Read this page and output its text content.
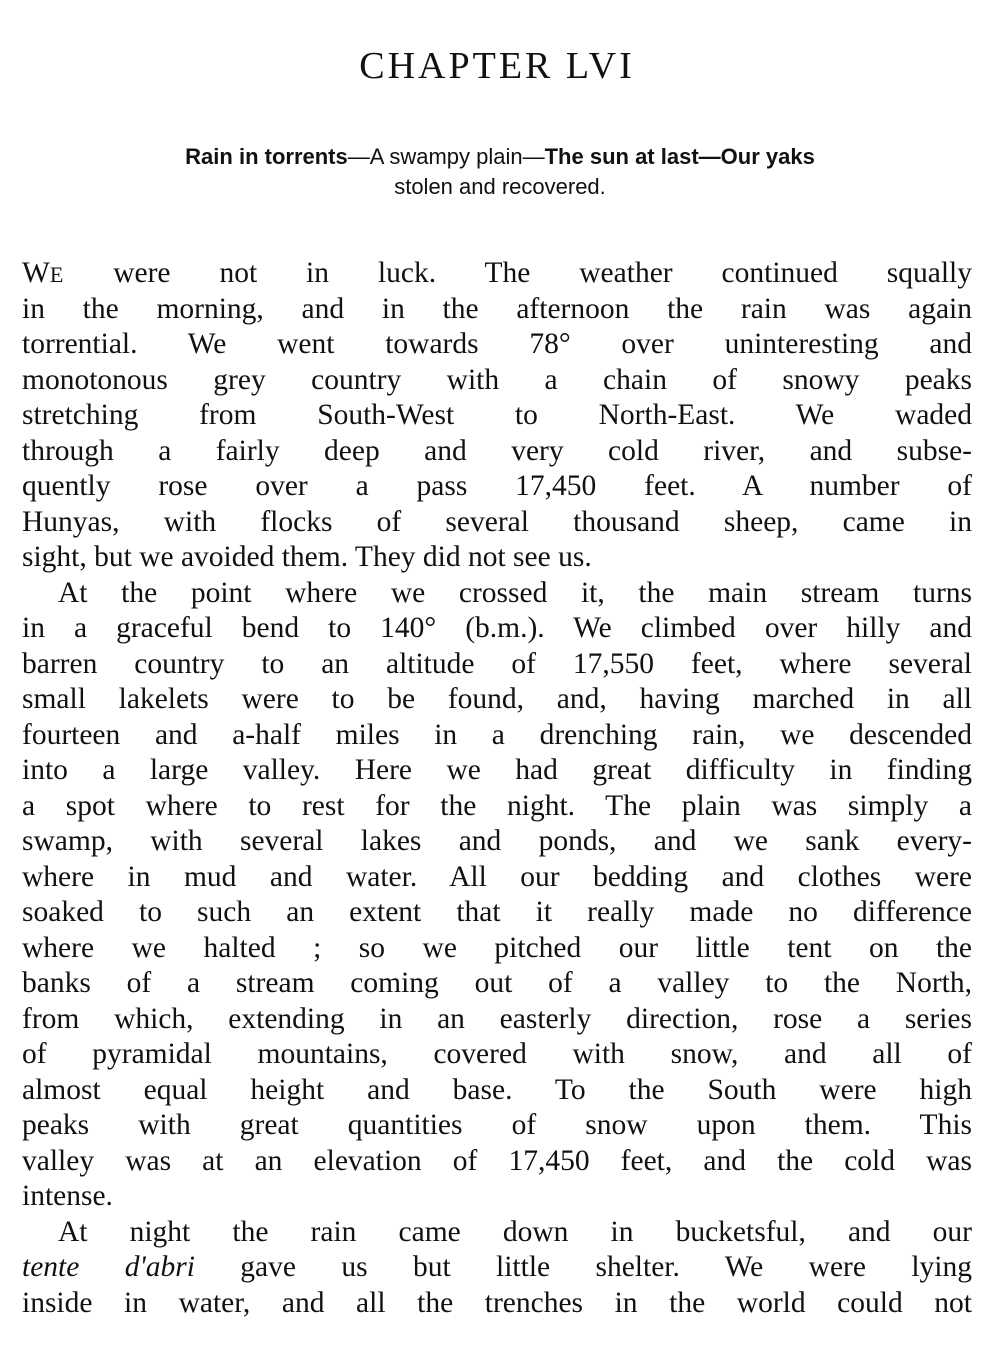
CHAPTER LVI

Rain in torrents—A swampy plain—The sun at last—Our yaks
stolen and recovered.

WE were not in luck. The weather continued squally
in the morning, and in the afternoon the rain was again
torrential. We went towards 78° over uninteresting and
monotonous grey country with a chain of snowy peaks
stretching from South-West to North-East. We waded
through a fairly deep and very cold river, and subse-
quently rose over a pass 17,450 feet. A number of
Hunyas, with flocks of several thousand sheep, came in
sight, but we avoided them. They did not see us.
At the point where we crossed it, the main stream turns
in a graceful bend to 140° (b.m.). We climbed over hilly and
barren country to an altitude of 17,550 feet, where several
small lakelets were to be found, and, having marched in all
fourteen and a-half miles in a drenching rain, we descended
into a large valley. Here we had great difficulty in finding
a spot where to rest for the night. The plain was simply a
swamp, with several lakes and ponds, and we sank every-
where in mud and water. All our bedding and clothes were
soaked to such an extent that it really made no difference
where we halted ; so we pitched our little tent on the
banks of a stream coming out of a valley to the North,
from which, extending in an easterly direction, rose a series
of pyramidal mountains, covered with snow, and all of
almost equal height and base. To the South were high
peaks with great quantities of snow upon them. This
valley was at an elevation of 17,450 feet, and the cold was
intense.
At night the rain came down in bucketsful, and our
tente d'abri gave us but little shelter. We were lying
inside in water, and all the trenches in the world could not
